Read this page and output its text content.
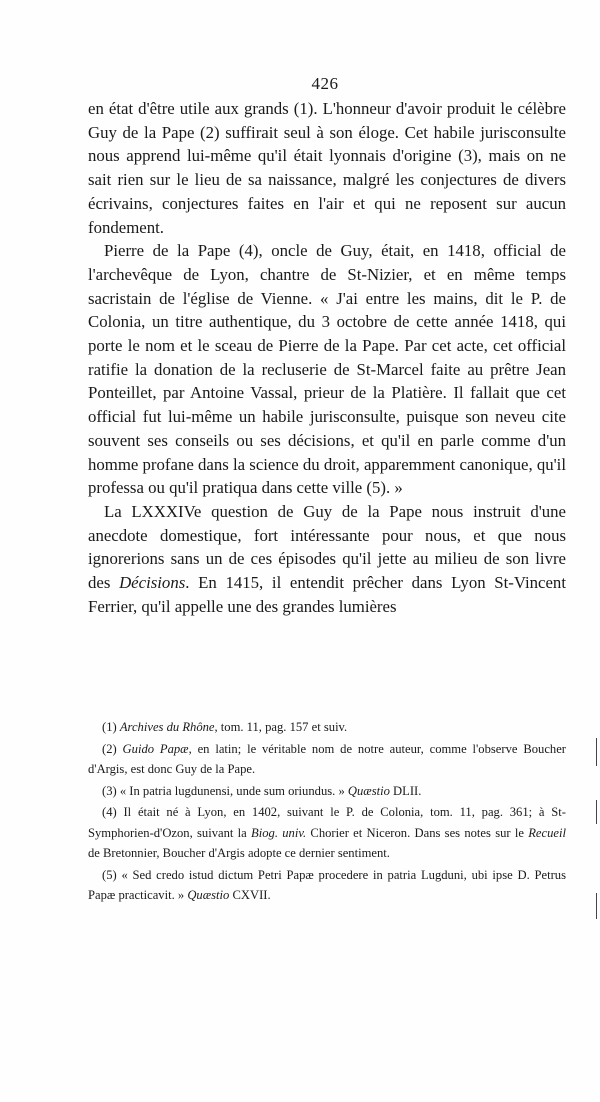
426

en état d'être utile aux grands (1). L'honneur d'avoir produit le célèbre Guy de la Pape (2) suffirait seul à son éloge. Cet habile jurisconsulte nous apprend lui-même qu'il était lyonnais d'origine (3), mais on ne sait rien sur le lieu de sa naissance, malgré les conjectures de divers écrivains, conjectures faites en l'air et qui ne reposent sur aucun fondement.

Pierre de la Pape (4), oncle de Guy, était, en 1418, official de l'archevêque de Lyon, chantre de St-Nizier, et en même temps sacristain de l'église de Vienne. « J'ai entre les mains, dit le P. de Colonia, un titre authentique, du 3 octobre de cette année 1418, qui porte le nom et le sceau de Pierre de la Pape. Par cet acte, cet official ratifie la donation de la recluserie de St-Marcel faite au prêtre Jean Ponteillet, par Antoine Vassal, prieur de la Platière. Il fallait que cet official fut lui-même un habile jurisconsulte, puisque son neveu cite souvent ses conseils ou ses décisions, et qu'il en parle comme d'un homme profane dans la science du droit, apparemment canonique, qu'il professa ou qu'il pratiqua dans cette ville (5). »

La LXXXIVe question de Guy de la Pape nous instruit d'une anecdote domestique, fort intéressante pour nous, et que nous ignorerions sans un de ces épisodes qu'il jette au milieu de son livre des Décisions. En 1415, il entendit prêcher dans Lyon St-Vincent Ferrier, qu'il appelle une des grandes lumières

(1) Archives du Rhône, tom. 11, pag. 157 et suiv.

(2) Guido Papæ, en latin; le véritable nom de notre auteur, comme l'observe Boucher d'Argis, est donc Guy de la Pape.

(3) « In patria lugdunensi, unde sum oriundus. » Quæstio DLII.

(4) Il était né à Lyon, en 1402, suivant le P. de Colonia, tom. 11, pag. 361; à St-Symphorien-d'Ozon, suivant la Biog. univ. Chorier et Niceron. Dans ses notes sur le Recueil de Bretonnier, Boucher d'Argis adopte ce dernier sentiment.

(5) « Sed credo istud dictum Petri Papæ procedere in patria Lugduni, ubi ipse D. Petrus Papæ practicavit. » Quæstio CXVII.
